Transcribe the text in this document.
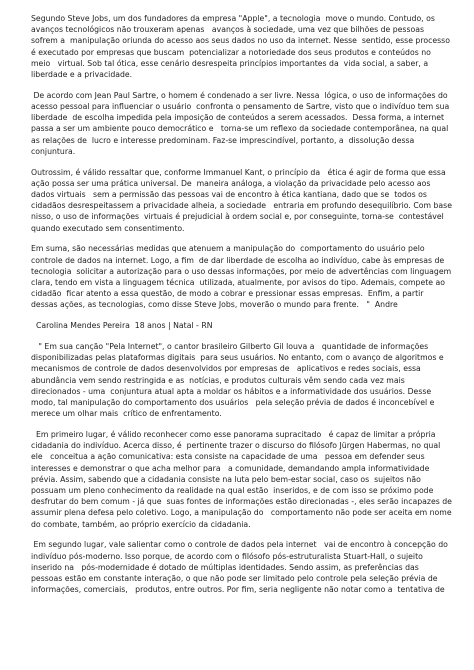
Segundo Steve Jobs, um dos fundadores da empresa "Apple", a tecnologia  move o mundo. Contudo, os avanços tecnológicos não trouxeram apenas   avanços à sociedade, uma vez que bilhões de pessoas sofrem a  manipulação oriunda do acesso aos seus dados no uso da internet. Nesse  sentido, esse processo é executado por empresas que buscam  potencializar a notoriedade dos seus produtos e conteúdos no meio   virtual. Sob tal ótica, esse cenário desrespeita princípios importantes da  vida social, a saber, a liberdade e a privacidade.

De acordo com Jean Paul Sartre, o homem é condenado a ser livre. Nessa  lógica, o uso de informações do acesso pessoal para influenciar o usuário  confronta o pensamento de Sartre, visto que o indivíduo tem sua liberdade  de escolha impedida pela imposição de conteúdos a serem acessados.  Dessa forma, a internet passa a ser um ambiente pouco democrático e   torna-se um reflexo da sociedade contemporânea, na qual as relações de  lucro e interesse predominam. Faz-se imprescindível, portanto, a  dissolução dessa conjuntura.

Outrossim, é válido ressaltar que, conforme Immanuel Kant, o princípio da   ética é agir de forma que essa ação possa ser uma prática universal. De  maneira análoga, a violação da privacidade pelo acesso aos dados virtuais   sem a permissão das pessoas vai de encontro à ética kantiana, dado que se  todos os cidadãos desrespeitassem a privacidade alheia, a sociedade   entraria em profundo desequilíbrio. Com base nisso, o uso de informações  virtuais é prejudicial à ordem social e, por conseguinte, torna-se  contestável quando executado sem consentimento.

Em suma, são necessárias medidas que atenuem a manipulação do  comportamento do usuário pelo controle de dados na internet. Logo, a fim  de dar liberdade de escolha ao indivíduo, cabe às empresas de tecnologia  solicitar a autorização para o uso dessas informações, por meio de advertências com linguagem clara, tendo em vista a linguagem técnica  utilizada, atualmente, por avisos do tipo. Ademais, compete ao cidadão  ficar atento a essa questão, de modo a cobrar e pressionar essas empresas.  Enfim, a partir dessas ações, as tecnologias, como disse Steve Jobs, moverão o mundo para frente.   "  Andre

Carolina Mendes Pereira  18 anos | Natal - RN

" Em sua canção "Pela Internet", o cantor brasileiro Gilberto Gil louva a   quantidade de informações disponibilizadas pelas plataformas digitais  para seus usuários. No entanto, com o avanço de algoritmos e mecanismos de controle de dados desenvolvidos por empresas de   aplicativos e redes sociais, essa abundância vem sendo restringida e as  notícias, e produtos culturais vêm sendo cada vez mais direcionados - uma  conjuntura atual apta a moldar os hábitos e a informatividade dos usuários. Desse modo, tal manipulação do comportamento dos usuários   pela seleção prévia de dados é inconcebível e merece um olhar mais  crítico de enfrentamento.

Em primeiro lugar, é válido reconhecer como esse panorama supracitado   é capaz de limitar a própria cidadania do indivíduo. Acerca disso, é  pertinente trazer o discurso do filósofo Jürgen Habermas, no qual ele   conceitua a ação comunicativa: esta consiste na capacidade de uma   pessoa em defender seus interesses e demonstrar o que acha melhor para   a comunidade, demandando ampla informatividade prévia. Assim, sabendo que a cidadania consiste na luta pelo bem-estar social, caso os  sujeitos não possuam um pleno conhecimento da realidade na qual estão  inseridos, e de com isso se próximo pode desfrutar do bem comum - já que  suas fontes de informações estão direcionadas -, eles serão incapazes de   assumir plena defesa pelo coletivo. Logo, a manipulação do   comportamento não pode ser aceita em nome do combate, também, ao próprio exercício da cidadania.

Em segundo lugar, vale salientar como o controle de dados pela internet   vai de encontro à concepção do indivíduo pós-moderno. Isso porque, de acordo com o filósofo pós-estruturalista Stuart-Hall, o sujeito inserido na   pós-modernidade é dotado de múltiplas identidades. Sendo assim, as preferências das pessoas estão em constante interação, o que não pode ser limitado pelo controle pela seleção prévia de informações, comerciais,   produtos, entre outros. Por fim, seria negligente não notar como a  tentativa de
